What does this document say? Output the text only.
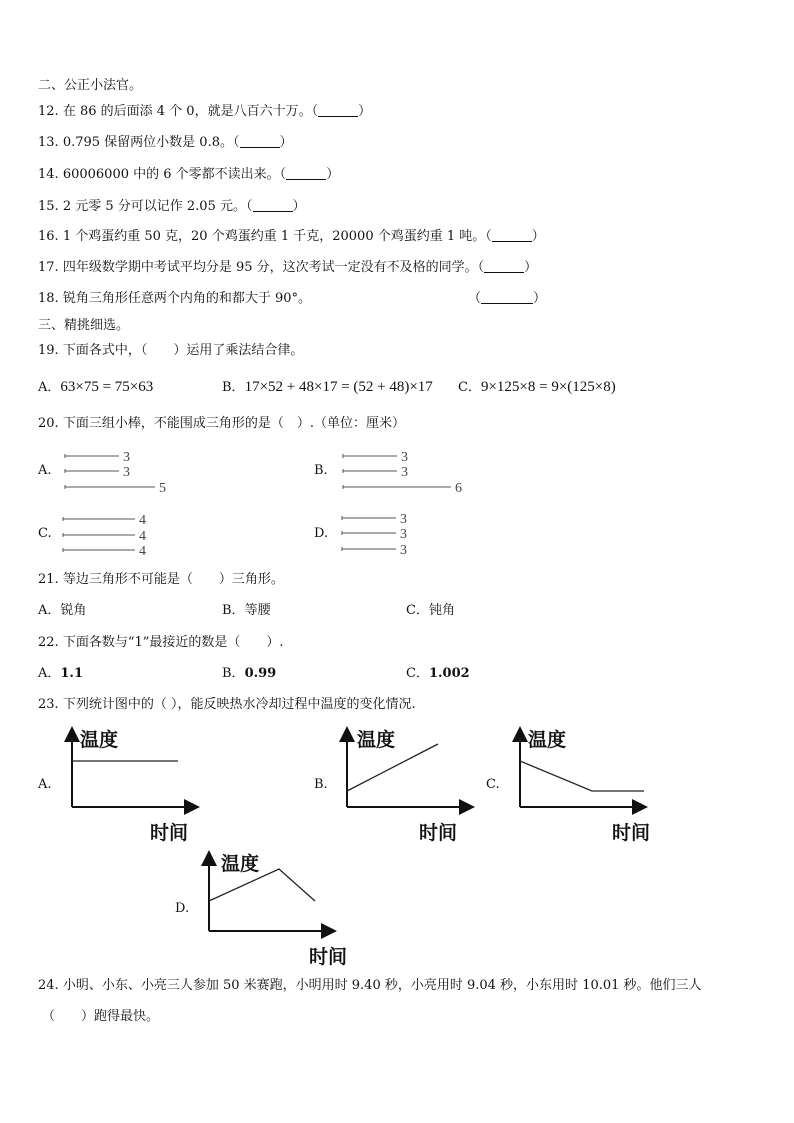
二、公正小法官。
12. 在 86 的后面添 4 个 0，就是八百六十万。（	）
13. 0.795 保留两位小数是 0.8。（	）
14. 60006000 中的 6 个零都不读出来。（	）
15. 2 元零 5 分可以记作 2.05 元。（	）
16. 1 个鸡蛋约重 50 克，20 个鸡蛋约重 1 千克，20000 个鸡蛋约重 1 吨。（	）
17. 四年级数学期中考试平均分是 95 分，这次考试一定没有不及格的同学。（	）
18. 锐角三角形任意两个内角的和都大于 90°。	（	）
三、精挑细选。
19. 下面各式中，（　　）运用了乘法结合律。
A．63×75 = 75×63	B．17×52 + 48×17 = (52 + 48)×17 C．9×125×8 = 9×(125×8)
20. 下面三组小棒，不能围成三角形的是（　）.（单位：厘米）
A.
3
3
5
B.
3
3
6
C.
4
4
4
D.
3
3
3
21. 等边三角形不可能是（　　）三角形。
A．锐角	B．等腰	C．钝角
22. 下面各数与“1”最接近的数是（　　）.
A．1.1	B．0.99	C．1.002
23. 下列统计图中的（ ），能反映热水冷却过程中温度的变化情况.
A.
温度
时间
B.
温度
时间
C.
温度
时间
D.
温度
时间
24. 小明、小东、小亮三人参加 50 米赛跑，小明用时 9.40 秒，小亮用时 9.04 秒，小东用时 10.01 秒。他们三人
（　　）跑得最快。
